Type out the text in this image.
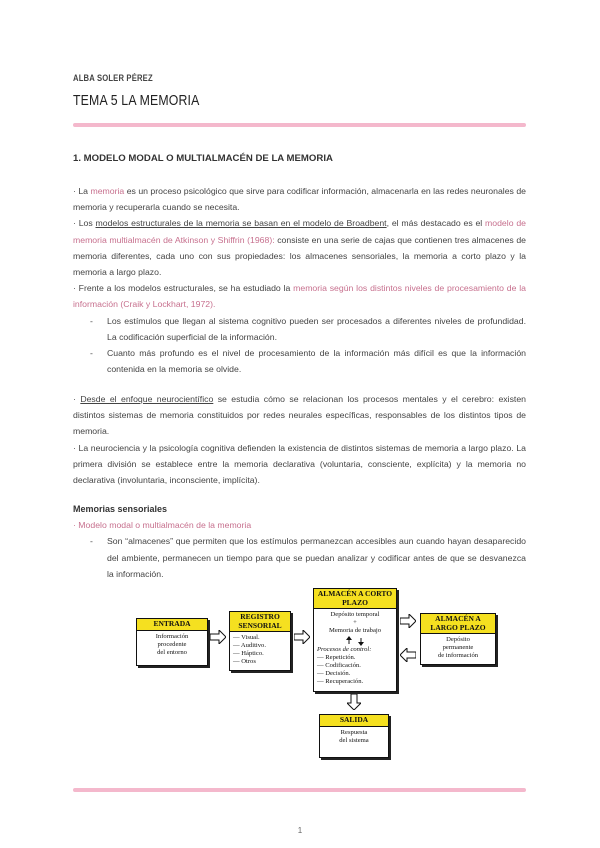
ALBA SOLER PÉREZ
TEMA 5 LA MEMORIA
1. MODELO MODAL O MULTIALMACÉN DE LA MEMORIA

· La memoria es un proceso psicológico que sirve para codificar información, almacenarla en las redes neuronales de memoria y recuperarla cuando se necesita.

· Los modelos estructurales de la memoria se basan en el modelo de Broadbent, el más destacado es el modelo de memoria multialmacén de Atkinson y Shiffrin (1968): consiste en una serie de cajas que contienen tres almacenes de memoria diferentes, cada uno con sus propiedades: los almacenes sensoriales, la memoria a corto plazo y la memoria a largo plazo.

· Frente a los modelos estructurales, se ha estudiado la memoria según los distintos niveles de procesamiento de la información (Craik y Lockhart, 1972).

- Los estímulos que llegan al sistema cognitivo pueden ser procesados a diferentes niveles de profundidad. La codificación superficial de la información.
- Cuanto más profundo es el nivel de procesamiento de la información más difícil es que la información contenida en la memoria se olvide.

· Desde el enfoque neurocientífico se estudia cómo se relacionan los procesos mentales y el cerebro: existen distintos sistemas de memoria constituidos por redes neurales específicas, responsables de los distintos tipos de memoria.

· La neurociencia y la psicología cognitiva defienden la existencia de distintos sistemas de memoria a largo plazo. La primera división se establece entre la memoria declarativa (voluntaria, consciente, explícita) y la memoria no declarativa (involuntaria, inconsciente, implícita).

Memorias sensoriales

· Modelo modal o multialmacén de la memoria

- Son “almacenes” que permiten que los estímulos permanezcan accesibles aun cuando hayan desaparecido del ambiente, permanecen un tiempo para que se puedan analizar y codificar antes de que se desvanezca la información.
ENTRADA
Información
procedente
del entorno
REGISTRO SENSORIAL
— Visual.
— Auditivo.
— Háptico.
— Otros
ALMACÉN A CORTO PLAZO
Depósito temporal
+
Memoria de trabajo
Procesos de control:
— Repetición.
— Codificación.
— Decisión.
— Recuperación.
ALMACÉN A LARGO PLAZO
Depósito
permanente
de información
SALIDA
Respuesta
del sistema
1
